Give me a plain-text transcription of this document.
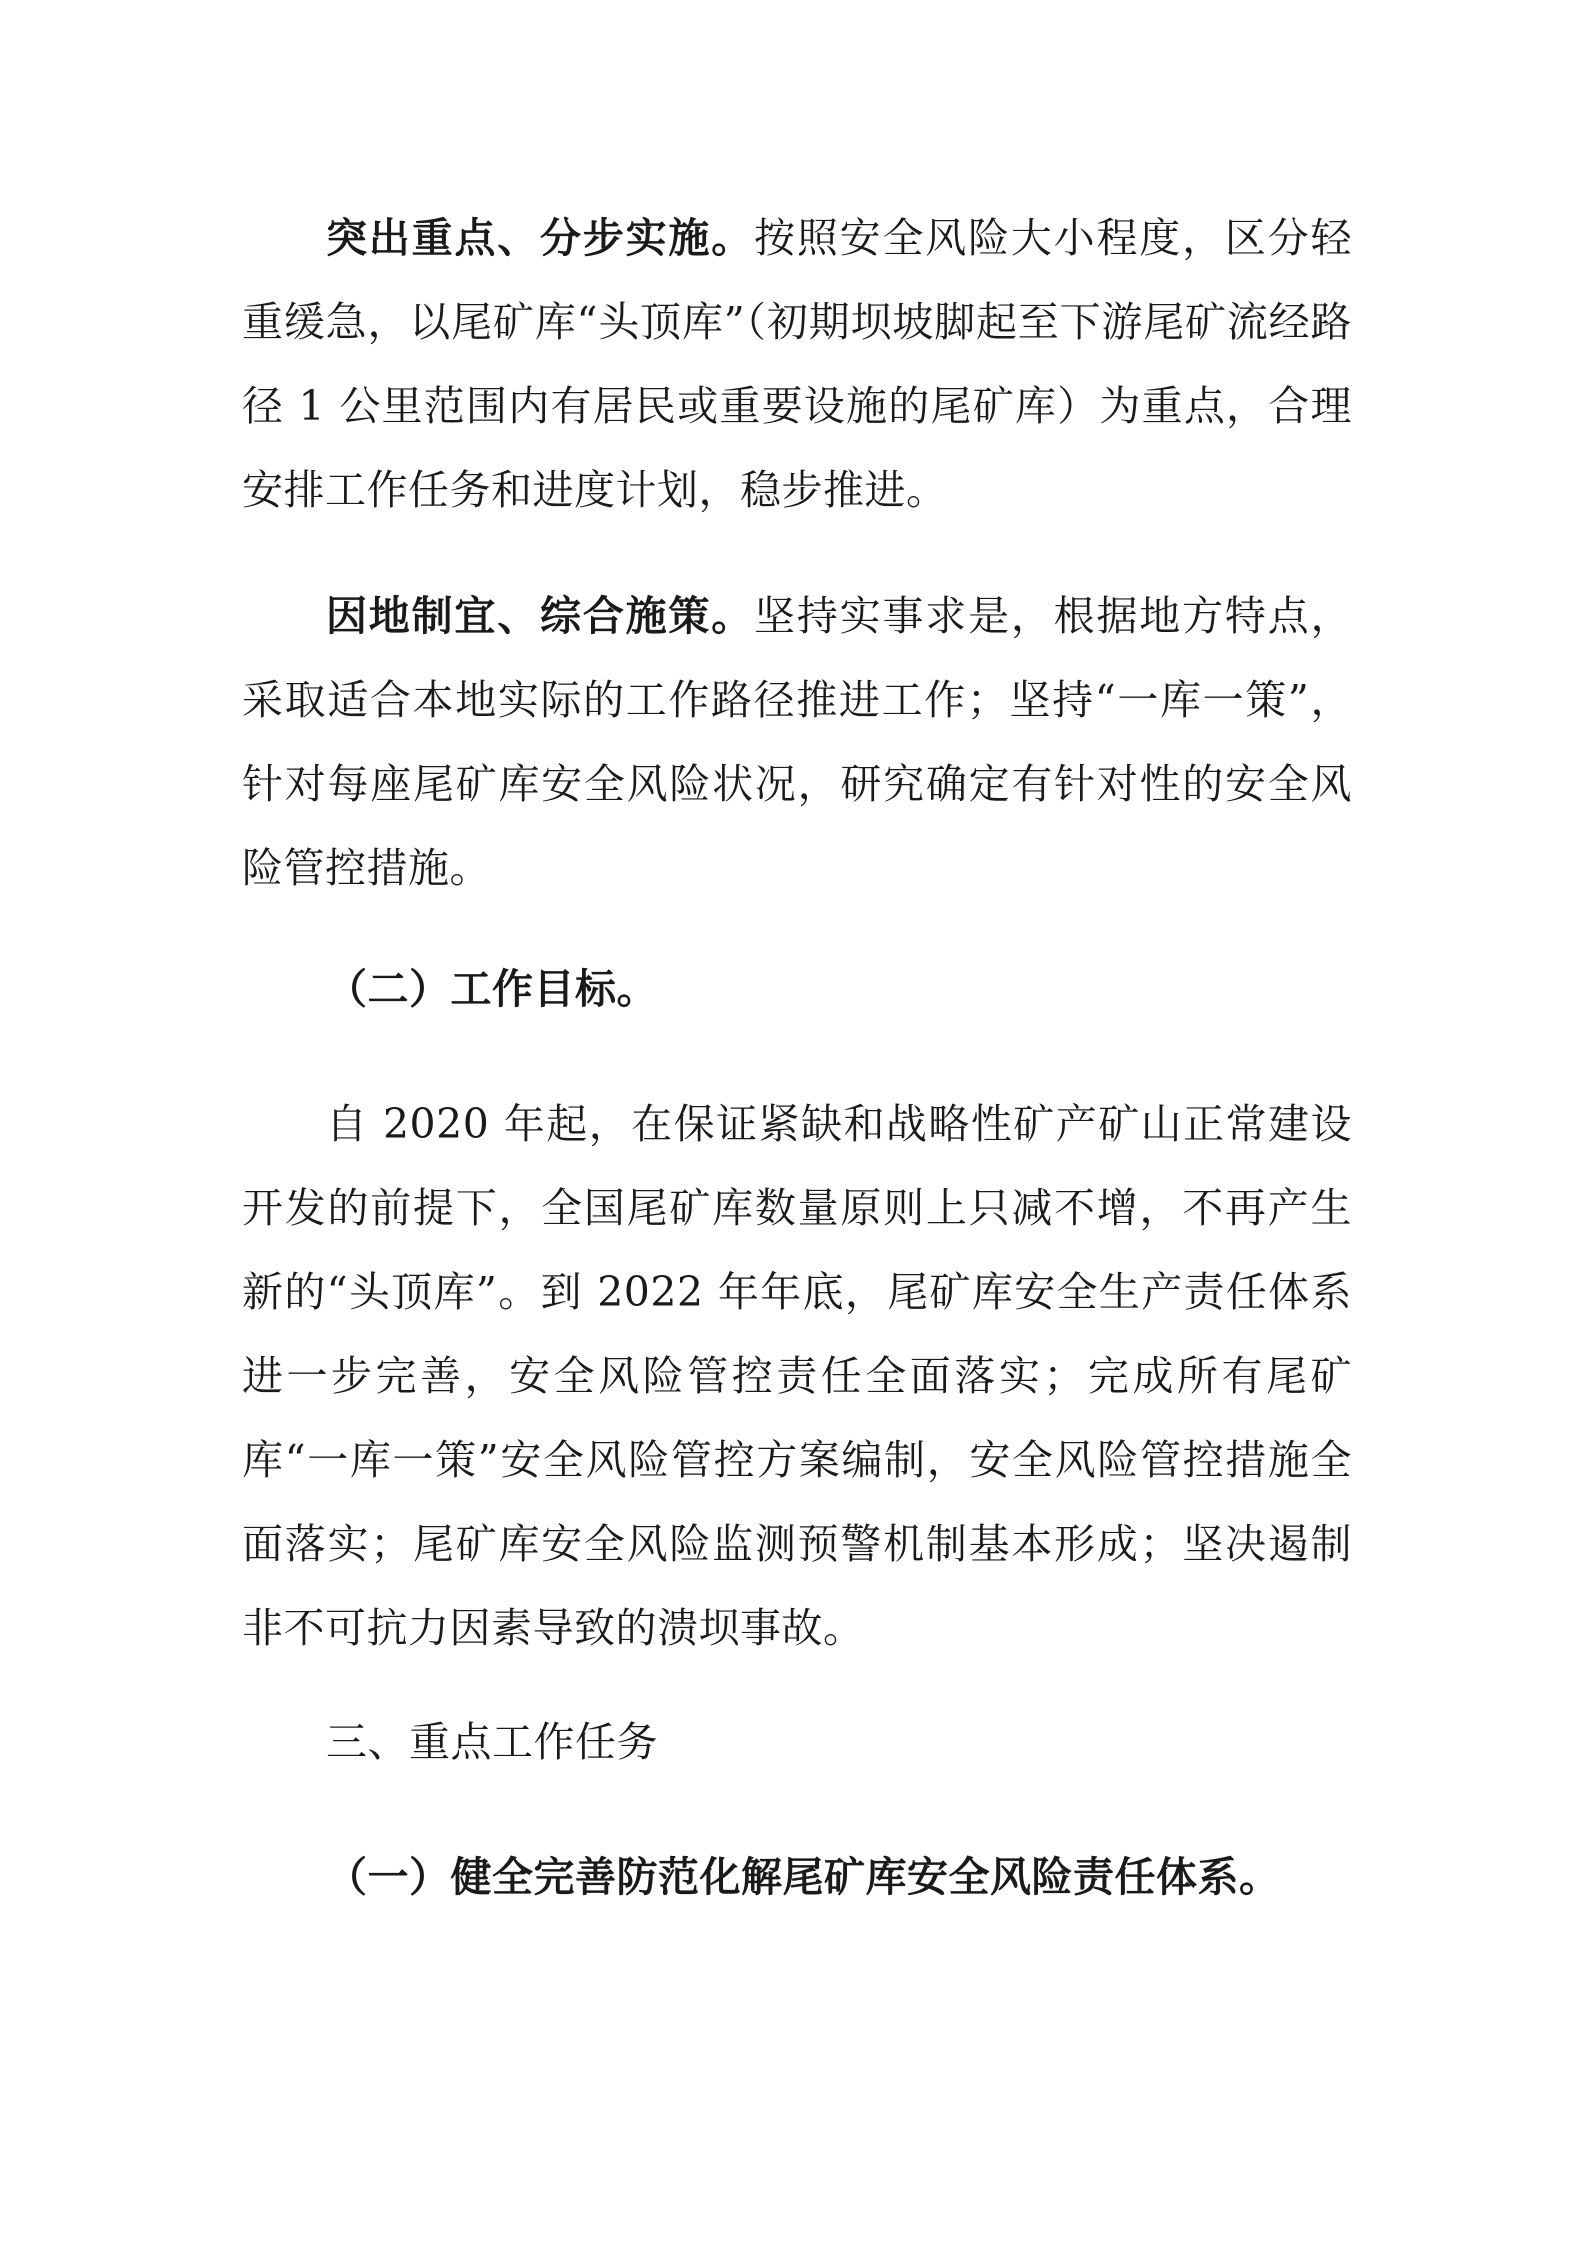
突出重点、分步实施。按照安全风险大小程度，区分轻重缓急，以尾矿库“头顶库”（初期坝坡脚起至下游尾矿流经路径 1 公里范围内有居民或重要设施的尾矿库）为重点，合理安排工作任务和进度计划，稳步推进。

因地制宜、综合施策。坚持实事求是，根据地方特点，采取适合本地实际的工作路径推进工作；坚持“一库一策”，针对每座尾矿库安全风险状况，研究确定有针对性的安全风险管控措施。

（二）工作目标。

自 2020 年起，在保证紧缺和战略性矿产矿山正常建设开发的前提下，全国尾矿库数量原则上只减不增，不再产生新的“头顶库”。到 2022 年年底，尾矿库安全生产责任体系进一步完善，安全风险管控责任全面落实；完成所有尾矿库“一库一策”安全风险管控方案编制，安全风险管控措施全面落实；尾矿库安全风险监测预警机制基本形成；坚决遏制非不可抗力因素导致的溃坝事故。

三、重点工作任务

（一）健全完善防范化解尾矿库安全风险责任体系。
